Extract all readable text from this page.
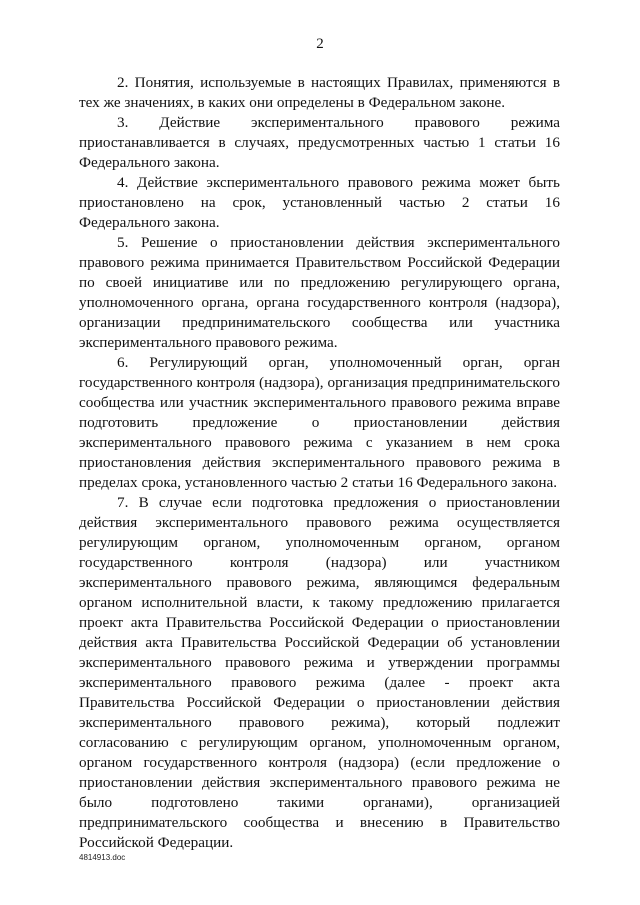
2

2. Понятия, используемые в настоящих Правилах, применяются в тех же значениях, в каких они определены в Федеральном законе.

3. Действие экспериментального правового режима приостанавливается в случаях, предусмотренных частью 1 статьи 16 Федерального закона.

4. Действие экспериментального правового режима может быть приостановлено на срок, установленный частью 2 статьи 16 Федерального закона.

5. Решение о приостановлении действия экспериментального правового режима принимается Правительством Российской Федерации по своей инициативе или по предложению регулирующего органа, уполномоченного органа, органа государственного контроля (надзора), организации предпринимательского сообщества или участника экспериментального правового режима.

6. Регулирующий орган, уполномоченный орган, орган государственного контроля (надзора), организация предпринимательского сообщества или участник экспериментального правового режима вправе подготовить предложение о приостановлении действия экспериментального правового режима с указанием в нем срока приостановления действия экспериментального правового режима в пределах срока, установленного частью 2 статьи 16 Федерального закона.

7. В случае если подготовка предложения о приостановлении действия экспериментального правового режима осуществляется регулирующим органом, уполномоченным органом, органом государственного контроля (надзора) или участником экспериментального правового режима, являющимся федеральным органом исполнительной власти, к такому предложению прилагается проект акта Правительства Российской Федерации о приостановлении действия акта Правительства Российской Федерации об установлении экспериментального правового режима и утверждении программы экспериментального правового режима (далее - проект акта Правительства Российской Федерации о приостановлении действия экспериментального правового режима), который подлежит согласованию с регулирующим органом, уполномоченным органом, органом государственного контроля (надзора) (если предложение о приостановлении действия экспериментального правового режима не было подготовлено такими органами), организацией предпринимательского сообщества и внесению в Правительство Российской Федерации.

4814913.doc
